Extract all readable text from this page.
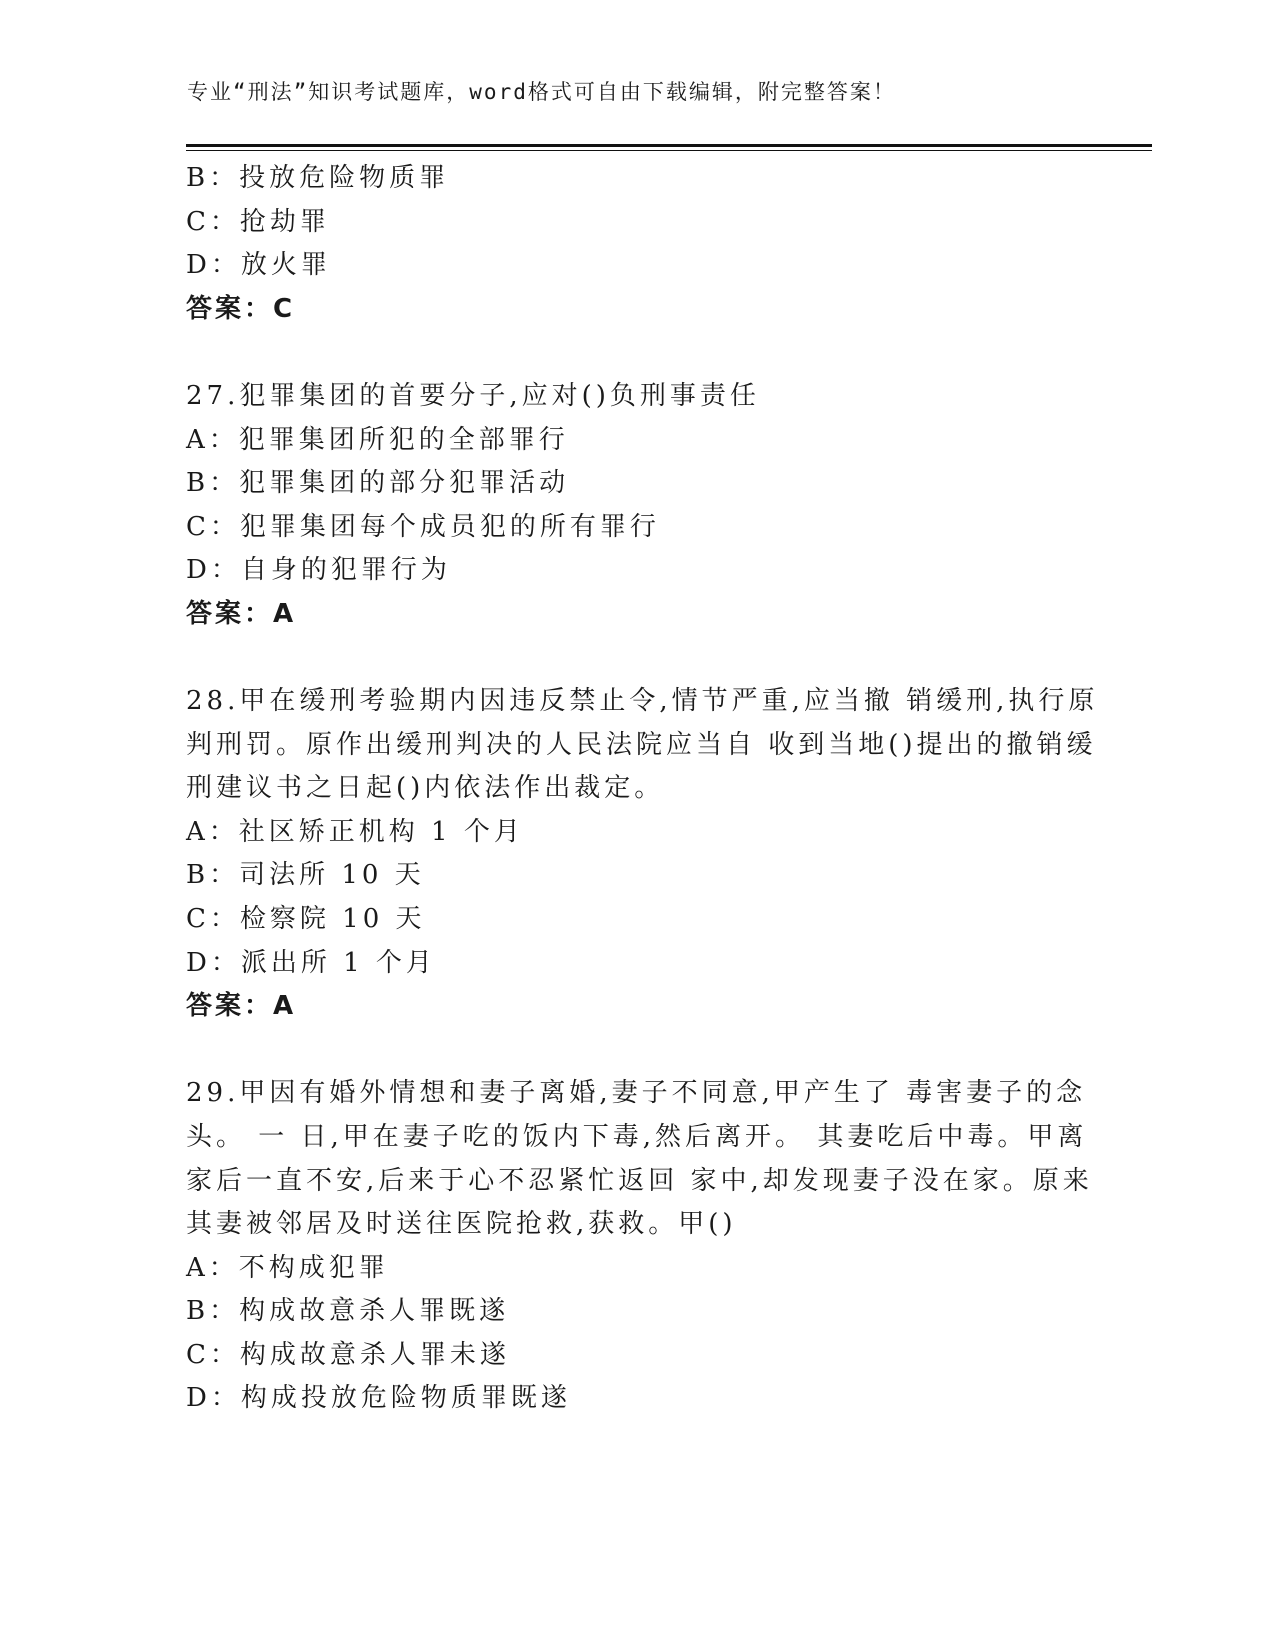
专业“刑法”知识考试题库，word格式可自由下载编辑，附完整答案！
B：投放危险物质罪
C：抢劫罪
D：放火罪
答案：C
27.犯罪集团的首要分子,应对()负刑事责任
A：犯罪集团所犯的全部罪行
B：犯罪集团的部分犯罪活动
C：犯罪集团每个成员犯的所有罪行
D：自身的犯罪行为
答案：A
28.甲在缓刑考验期内因违反禁止令,情节严重,应当撤 销缓刑,执行原
判刑罚。原作出缓刑判决的人民法院应当自 收到当地()提出的撤销缓
刑建议书之日起()内依法作出裁定。
A：社区矫正机构 1 个月
B：司法所 10 天
C：检察院 10 天
D：派出所 1 个月
答案：A
29.甲因有婚外情想和妻子离婚,妻子不同意,甲产生了 毒害妻子的念
头。 一 日,甲在妻子吃的饭内下毒,然后离开。 其妻吃后中毒。甲离
家后一直不安,后来于心不忍紧忙返回 家中,却发现妻子没在家。原来
其妻被邻居及时送往医院抢救,获救。甲()
A：不构成犯罪
B：构成故意杀人罪既遂
C：构成故意杀人罪未遂
D：构成投放危险物质罪既遂
